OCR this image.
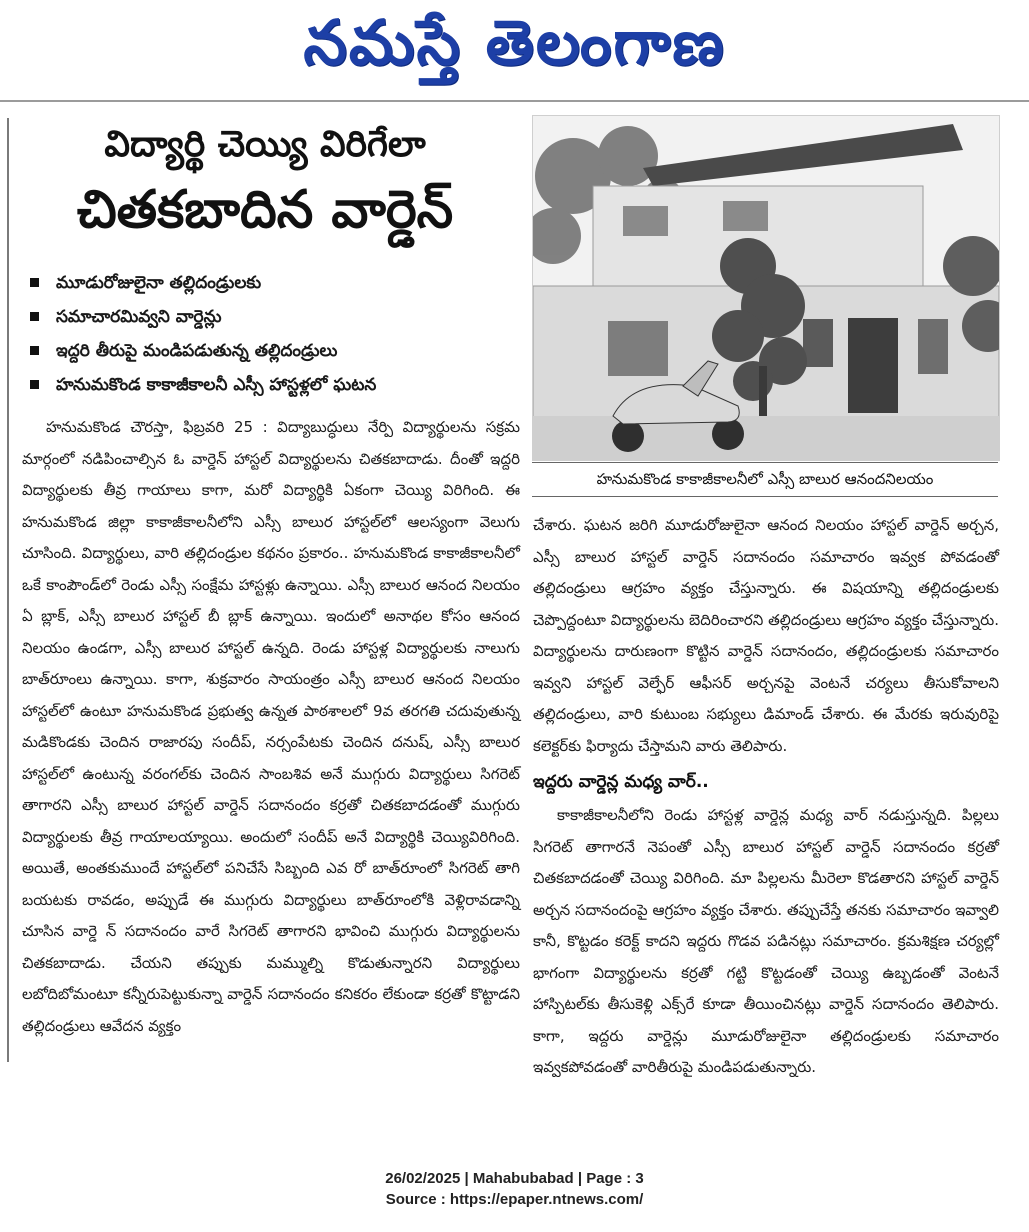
నమస్తే తెలంగాణ
విద్యార్థి చెయ్యి విరిగేలా
చితకబాదిన వార్డెన్
మూడురోజులైనా తల్లిదండ్రులకు
సమాచారమివ్వని వార్డెన్లు
ఇద్దరి తీరుపై మండిపడుతున్న తల్లిదండ్రులు
హనుమకొండ కాకాజీకాలనీ ఎస్సీ హాస్టళ్లలో ఘటన

హనుమకొండ చౌరస్తా, ఫిబ్రవరి 25 : విద్యాబుద్ధులు నేర్పి విద్యార్థులను సక్రమ మార్గంలో నడిపించాల్సిన ఓ వార్డెన్ హాస్టల్ విద్యార్థులను చితకబాదాడు. దీంతో ఇద్దరి విద్యార్థులకు తీవ్ర గాయాలు కాగా, మరో విద్యార్థికి ఏకంగా చెయ్యి విరిగింది. ఈ హనుమకొండ జిల్లా కాకాజీకాలనీలోని ఎస్సీ బాలుర హాస్టల్‌లో ఆలస్యంగా వెలుగు చూసింది. విద్యార్థులు, వారి తల్లిదండ్రుల కథనం ప్రకారం.. హనుమకొండ కాకాజీకాలనీలో ఒకే కాంపౌండ్‌లో రెండు ఎస్సీ సంక్షేమ హాస్టళ్లు ఉన్నాయి. ఎస్సీ బాలుర ఆనంద నిలయం ఏ బ్లాక్, ఎస్సీ బాలుర హాస్టల్ బీ బ్లాక్ ఉన్నాయి. ఇందులో అనాథల కోసం ఆనంద నిలయం ఉండగా, ఎస్సీ బాలుర హాస్టల్ ఉన్నది. రెండు హాస్టళ్ల విద్యార్థులకు నాలుగు బాత్‌రూంలు ఉన్నాయి. కాగా, శుక్రవారం సాయంత్రం ఎస్సీ బాలుర ఆనంద నిలయం హాస్టల్‌లో ఉంటూ హనుమకొండ ప్రభుత్వ ఉన్నత పాఠశాలలో 9వ తరగతి చదువుతున్న మడికొండకు చెందిన రాజారపు సందీప్, నర్సంపేటకు చెందిన దనుష్, ఎస్సీ బాలుర హాస్టల్‌లో ఉంటున్న వరంగల్‌కు చెందిన సాంబశివ అనే ముగ్గురు విద్యార్థులు సిగరెట్ తాగారని ఎస్సీ బాలుర హాస్టల్ వార్డెన్ సదానందం కర్రతో చితకబాదడంతో ముగ్గురు విద్యార్థులకు తీవ్ర గాయాలయ్యాయి. అందులో సందీప్ అనే విద్యార్థికి చెయ్యివిరిగింది. అయితే, అంతకుముందే హాస్టల్‌లో పనిచేసే సిబ్బంది ఎవ రో బాత్‌రూంలో సిగరెట్ తాగి బయటకు రావడం, అప్పుడే ఈ ముగ్గురు విద్యార్థులు బాత్‌రూంలోకి వెళ్లిరావడాన్ని చూసిన వార్డె న్ సదానందం వారే సిగరెట్ తాగారని భావించి ముగ్గురు విద్యార్థులను చితకబాదాడు. చేయని తప్పుకు మమ్ముల్ని కొడుతున్నారని విద్యార్థులు లబోదిబోమంటూ కన్నీరుపెట్టుకున్నా వార్డెన్ సదానందం కనికరం లేకుండా కర్రతో కొట్టాడని తల్లిదండ్రులు ఆవేదన వ్యక్తం

హనుమకొండ కాకాజీకాలనీలో ఎస్సీ బాలుర ఆనందనిలయం

చేశారు. ఘటన జరిగి మూడురోజులైనా ఆనంద నిలయం హాస్టల్ వార్డెన్ అర్చన, ఎస్సీ బాలుర హాస్టల్ వార్డెన్ సదానందం సమాచారం ఇవ్వక పోవడంతో తల్లిదండ్రులు ఆగ్రహం వ్యక్తం చేస్తున్నారు. ఈ విషయాన్ని తల్లిదండ్రులకు చెప్పొద్దంటూ విద్యార్థులను బెదిరించారని తల్లిదండ్రులు ఆగ్రహం వ్యక్తం చేస్తున్నారు. విద్యార్థులను దారుణంగా కొట్టిన వార్డెన్ సదానందం, తల్లిదండ్రులకు సమాచారం ఇవ్వని హాస్టల్ వెల్ఫేర్ ఆఫీసర్ అర్చనపై వెంటనే చర్యలు తీసుకోవాలని తల్లిదండ్రులు, వారి కుటుంబ సభ్యులు డిమాండ్ చేశారు. ఈ మేరకు ఇరువురిపై కలెక్టర్‌కు ఫిర్యాదు చేస్తామని వారు తెలిపారు.

ఇద్దరు వార్డెన్ల మధ్య వార్..

కాకాజీకాలనీలోని రెండు హాస్టళ్ల వార్డెన్ల మధ్య వార్ నడుస్తున్నది. పిల్లలు సిగరెట్ తాగారనే నెపంతో ఎస్సీ బాలుర హాస్టల్ వార్డెన్ సదానందం కర్రతో చితకబాదడంతో చెయ్యి విరిగింది. మా పిల్లలను మీరెలా కొడతారని హాస్టల్ వార్డెన్ అర్చన సదానందంపై ఆగ్రహం వ్యక్తం చేశారు. తప్పుచేస్తే తనకు సమాచారం ఇవ్వాలి కానీ, కొట్టడం కరెక్ట్ కాదని ఇద్దరు గొడవ పడినట్లు సమాచారం. క్రమశిక్షణ చర్యల్లో భాగంగా విద్యార్థులను కర్రతో గట్టి కొట్టడంతో చెయ్యి ఉబ్బడంతో వెంటనే హాస్పిటల్‌కు తీసుకెళ్లి ఎక్స్‌రే కూడా తీయించినట్లు వార్డెన్ సదానందం తెలిపారు. కాగా, ఇద్దరు వార్డెన్లు మూడురోజులైనా తల్లిదండ్రులకు సమాచారం ఇవ్వకపోవడంతో వారితీరుపై మండిపడుతున్నారు.

26/02/2025 | Mahabubabad | Page : 3
Source : https://epaper.ntnews.com/
